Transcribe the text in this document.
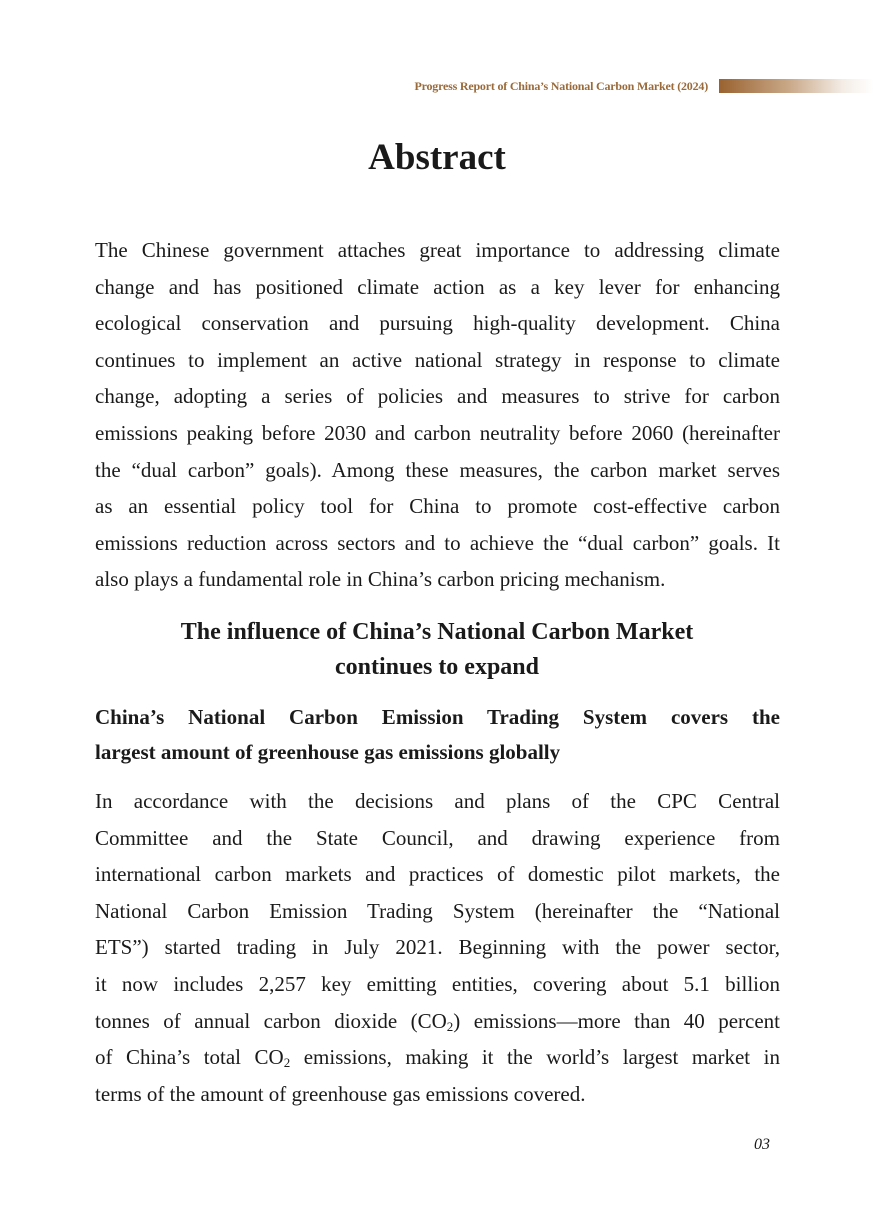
Progress Report of China’s National Carbon Market (2024)
Abstract
The Chinese government attaches great importance to addressing climate
change and has positioned climate action as a key lever for enhancing
ecological conservation and pursuing high-quality development. China
continues to implement an active national strategy in response to climate
change, adopting a series of policies and measures to strive for carbon
emissions peaking before 2030 and carbon neutrality before 2060 (hereinafter
the “dual carbon” goals). Among these measures, the carbon market serves
as an essential policy tool for China to promote cost-effective carbon
emissions reduction across sectors and to achieve the “dual carbon” goals. It
also plays a fundamental role in China’s carbon pricing mechanism.
The influence of China’s National Carbon Market
continues to expand
China’s National Carbon Emission Trading System covers the
largest amount of greenhouse gas emissions globally
In accordance with the decisions and plans of the CPC Central
Committee and the State Council, and drawing experience from
international carbon markets and practices of domestic pilot markets, the
National Carbon Emission Trading System (hereinafter the “National
ETS”) started trading in July 2021. Beginning with the power sector,
it now includes 2,257 key emitting entities, covering about 5.1 billion
tonnes of annual carbon dioxide $(CO_2)$ emissions—more than 40 percent
of China’s total $CO_2$ emissions, making it the world’s largest market in
terms of the amount of greenhouse gas emissions covered.
03
